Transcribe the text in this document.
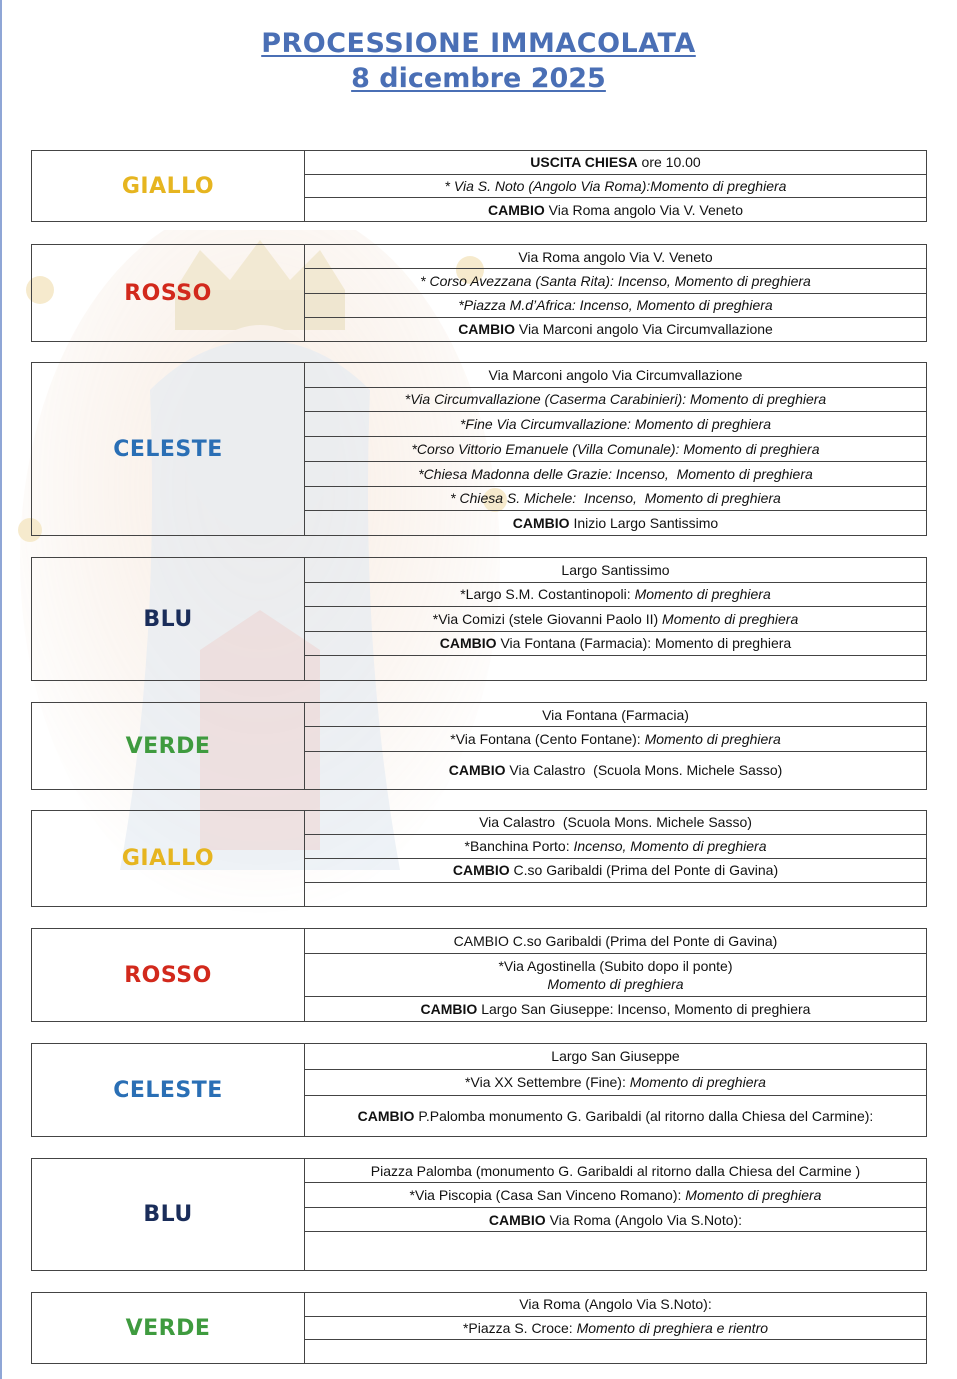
PROCESSIONE IMMACOLATA
8 dicembre 2025
GIALLO
USCITA CHIESA ore 10.00
* Via S. Noto (Angolo Via Roma):Momento di preghiera
CAMBIO Via Roma angolo Via V. Veneto
ROSSO
Via Roma angolo Via V. Veneto
* Corso Avezzana (Santa Rita): Incenso, Momento di preghiera
*Piazza M.d’Africa: Incenso, Momento di preghiera
CAMBIO Via Marconi angolo Via Circumvallazione
CELESTE
Via Marconi angolo Via Circumvallazione
*Via Circumvallazione (Caserma Carabinieri): Momento di preghiera
*Fine Via Circumvallazione: Momento di preghiera
*Corso Vittorio Emanuele (Villa Comunale): Momento di preghiera
*Chiesa Madonna delle Grazie: Incenso,  Momento di preghiera
* Chiesa S. Michele:  Incenso,  Momento di preghiera
CAMBIO Inizio Largo Santissimo
BLU
Largo Santissimo
*Largo S.M. Costantinopoli: Momento di preghiera
*Via Comizi (stele Giovanni Paolo II) Momento di preghiera
CAMBIO Via Fontana (Farmacia): Momento di preghiera
VERDE
Via Fontana (Farmacia)
*Via Fontana (Cento Fontane): Momento di preghiera
CAMBIO Via Calastro  (Scuola Mons. Michele Sasso)
GIALLO
Via Calastro  (Scuola Mons. Michele Sasso)
*Banchina Porto: Incenso, Momento di preghiera
CAMBIO C.so Garibaldi (Prima del Ponte di Gavina)
ROSSO
CAMBIO C.so Garibaldi (Prima del Ponte di Gavina)
*Via Agostinella (Subito dopo il ponte)
Momento di preghiera
CAMBIO Largo San Giuseppe: Incenso, Momento di preghiera
CELESTE
Largo San Giuseppe
*Via XX Settembre (Fine): Momento di preghiera
CAMBIO P.Palomba monumento G. Garibaldi (al ritorno dalla Chiesa del Carmine):
BLU
Piazza Palomba (monumento G. Garibaldi al ritorno dalla Chiesa del Carmine )
*Via Piscopia (Casa San Vinceno Romano): Momento di preghiera
CAMBIO Via Roma (Angolo Via S.Noto):
VERDE
Via Roma (Angolo Via S.Noto):
*Piazza S. Croce: Momento di preghiera e rientro
